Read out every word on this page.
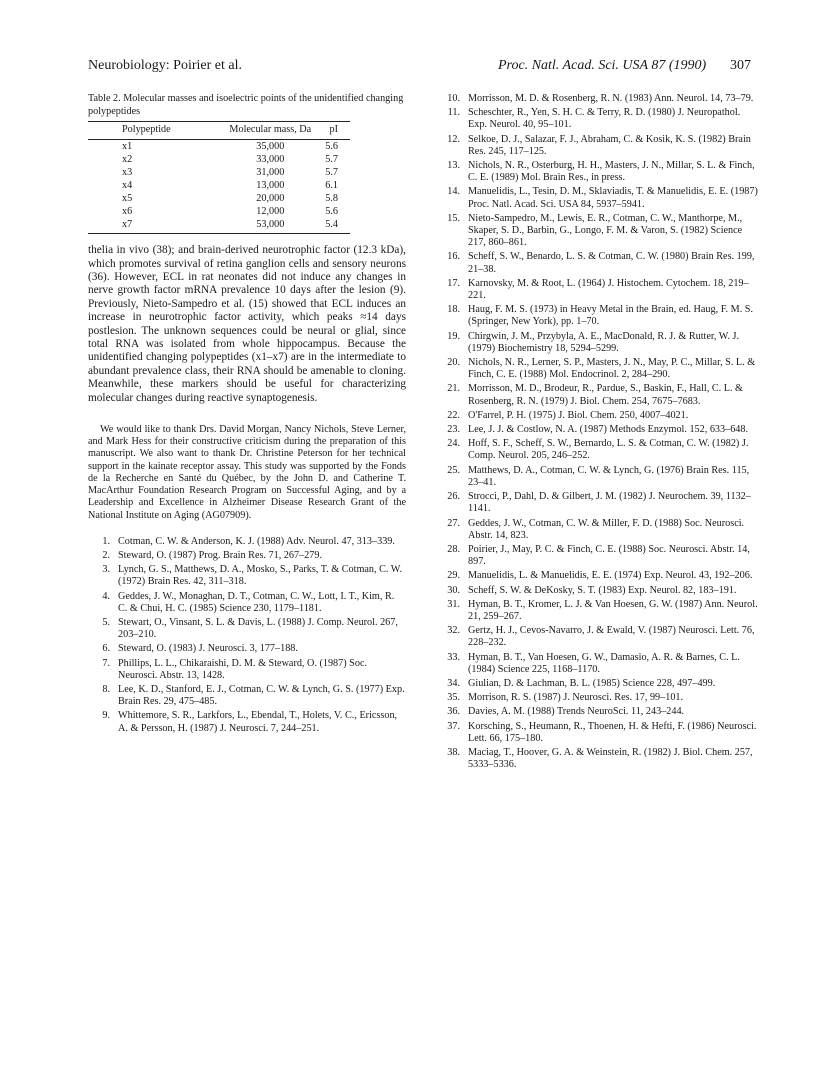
Neurobiology: Poirier et al.	Proc. Natl. Acad. Sci. USA 87 (1990) 307

Table 2. Molecular masses and isoelectric points of the unidentified changing polypeptides

Polypeptide	Molecular mass, Da	pI
x1	35,000	5.6
x2	33,000	5.7
x3	31,000	5.7
x4	13,000	6.1
x5	20,000	5.8
x6	12,000	5.6
x7	53,000	5.4

thelia in vivo (38); and brain-derived neurotrophic factor (12.3 kDa), which promotes survival of retina ganglion cells and sensory neurons (36). However, ECL in rat neonates did not induce any changes in nerve growth factor mRNA prevalence 10 days after the lesion (9). Previously, Nieto-Sampedro et al. (15) showed that ECL induces an increase in neurotrophic factor activity, which peaks ≈14 days postlesion. The unknown sequences could be neural or glial, since total RNA was isolated from whole hippocampus. Because the unidentified changing polypeptides (x1–x7) are in the intermediate to abundant prevalence class, their RNA should be amenable to cloning. Meanwhile, these markers should be useful for characterizing molecular changes during reactive synaptogenesis.

We would like to thank Drs. David Morgan, Nancy Nichols, Steve Lerner, and Mark Hess for their constructive criticism during the preparation of this manuscript. We also want to thank Dr. Christine Peterson for her technical support in the kainate receptor assay. This study was supported by the Fonds de la Recherche en Santé du Québec, by the John D. and Catherine T. MacArthur Foundation Research Program on Successful Aging, and by a Leadership and Excellence in Alzheimer Disease Research Grant of the National Institute on Aging (AG07909).

1. Cotman, C. W. & Anderson, K. J. (1988) Adv. Neurol. 47, 313–339.
2. Steward, O. (1987) Prog. Brain Res. 71, 267–279.
3. Lynch, G. S., Matthews, D. A., Mosko, S., Parks, T. & Cotman, C. W. (1972) Brain Res. 42, 311–318.
4. Geddes, J. W., Monaghan, D. T., Cotman, C. W., Lott, I. T., Kim, R. C. & Chui, H. C. (1985) Science 230, 1179–1181.
5. Stewart, O., Vinsant, S. L. & Davis, L. (1988) J. Comp. Neurol. 267, 203–210.
6. Steward, O. (1983) J. Neurosci. 3, 177–188.
7. Phillips, L. L., Chikaraishi, D. M. & Steward, O. (1987) Soc. Neurosci. Abstr. 13, 1428.
8. Lee, K. D., Stanford, E. J., Cotman, C. W. & Lynch, G. S. (1977) Exp. Brain Res. 29, 475–485.
9. Whittemore, S. R., Larkfors, L., Ebendal, T., Holets, V. C., Ericsson, A. & Persson, H. (1987) J. Neurosci. 7, 244–251.
10. Morrisson, M. D. & Rosenberg, R. N. (1983) Ann. Neurol. 14, 73–79.
11. Scheschter, R., Yen, S. H. C. & Terry, R. D. (1980) J. Neuropathol. Exp. Neurol. 40, 95–101.
12. Selkoe, D. J., Salazar, F. J., Abraham, C. & Kosik, K. S. (1982) Brain Res. 245, 117–125.
13. Nichols, N. R., Osterburg, H. H., Masters, J. N., Millar, S. L. & Finch, C. E. (1989) Mol. Brain Res., in press.
14. Manuelidis, L., Tesin, D. M., Sklaviadis, T. & Manuelidis, E. E. (1987) Proc. Natl. Acad. Sci. USA 84, 5937–5941.
15. Nieto-Sampedro, M., Lewis, E. R., Cotman, C. W., Manthorpe, M., Skaper, S. D., Barbin, G., Longo, F. M. & Varon, S. (1982) Science 217, 860–861.
16. Scheff, S. W., Benardo, L. S. & Cotman, C. W. (1980) Brain Res. 199, 21–38.
17. Karnovsky, M. & Root, L. (1964) J. Histochem. Cytochem. 18, 219–221.
18. Haug, F. M. S. (1973) in Heavy Metal in the Brain, ed. Haug, F. M. S. (Springer, New York), pp. 1–70.
19. Chirgwin, J. M., Przybyla, A. E., MacDonald, R. J. & Rutter, W. J. (1979) Biochemistry 18, 5294–5299.
20. Nichols, N. R., Lerner, S. P., Masters, J. N., May, P. C., Millar, S. L. & Finch, C. E. (1988) Mol. Endocrinol. 2, 284–290.
21. Morrisson, M. D., Brodeur, R., Pardue, S., Baskin, F., Hall, C. L. & Rosenberg, R. N. (1979) J. Biol. Chem. 254, 7675–7683.
22. O'Farrel, P. H. (1975) J. Biol. Chem. 250, 4007–4021.
23. Lee, J. J. & Costlow, N. A. (1987) Methods Enzymol. 152, 633–648.
24. Hoff, S. F., Scheff, S. W., Bernardo, L. S. & Cotman, C. W. (1982) J. Comp. Neurol. 205, 246–252.
25. Matthews, D. A., Cotman, C. W. & Lynch, G. (1976) Brain Res. 115, 23–41.
26. Strocci, P., Dahl, D. & Gilbert, J. M. (1982) J. Neurochem. 39, 1132–1141.
27. Geddes, J. W., Cotman, C. W. & Miller, F. D. (1988) Soc. Neurosci. Abstr. 14, 823.
28. Poirier, J., May, P. C. & Finch, C. E. (1988) Soc. Neurosci. Abstr. 14, 897.
29. Manuelidis, L. & Manuelidis, E. E. (1974) Exp. Neurol. 43, 192–206.
30. Scheff, S. W. & DeKosky, S. T. (1983) Exp. Neurol. 82, 183–191.
31. Hyman, B. T., Kromer, L. J. & Van Hoesen, G. W. (1987) Ann. Neurol. 21, 259–267.
32. Gertz, H. J., Cevos-Navarro, J. & Ewald, V. (1987) Neurosci. Lett. 76, 228–232.
33. Hyman, B. T., Van Hoesen, G. W., Damasio, A. R. & Barnes, C. L. (1984) Science 225, 1168–1170.
34. Giulian, D. & Lachman, B. L. (1985) Science 228, 497–499.
35. Morrison, R. S. (1987) J. Neurosci. Res. 17, 99–101.
36. Davies, A. M. (1988) Trends NeuroSci. 11, 243–244.
37. Korsching, S., Heumann, R., Thoenen, H. & Hefti, F. (1986) Neurosci. Lett. 66, 175–180.
38. Maciag, T., Hoover, G. A. & Weinstein, R. (1982) J. Biol. Chem. 257, 5333–5336.
